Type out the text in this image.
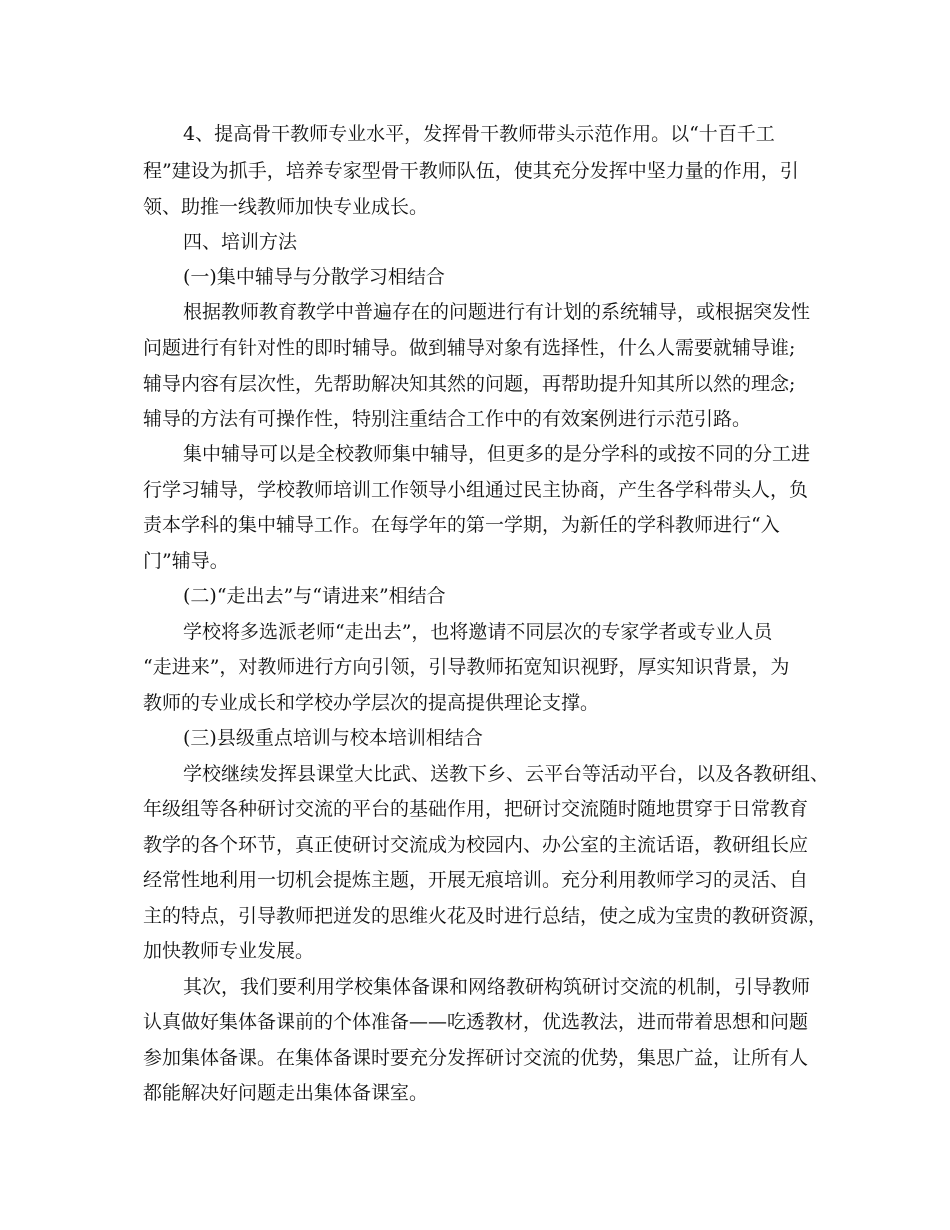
4、提高骨干教师专业水平，发挥骨干教师带头示范作用。以“十百千工
程”建设为抓手，培养专家型骨干教师队伍，使其充分发挥中坚力量的作用，引
领、助推一线教师加快专业成长。
四、培训方法
(一)集中辅导与分散学习相结合
根据教师教育教学中普遍存在的问题进行有计划的系统辅导，或根据突发性
问题进行有针对性的即时辅导。做到辅导对象有选择性，什么人需要就辅导谁;
辅导内容有层次性，先帮助解决知其然的问题，再帮助提升知其所以然的理念;
辅导的方法有可操作性，特别注重结合工作中的有效案例进行示范引路。
集中辅导可以是全校教师集中辅导，但更多的是分学科的或按不同的分工进
行学习辅导，学校教师培训工作领导小组通过民主协商，产生各学科带头人，负
责本学科的集中辅导工作。在每学年的第一学期，为新任的学科教师进行“入
门”辅导。
(二)“走出去”与“请进来”相结合
学校将多选派老师“走出去”，也将邀请不同层次的专家学者或专业人员
“走进来”，对教师进行方向引领，引导教师拓宽知识视野，厚实知识背景，为
教师的专业成长和学校办学层次的提高提供理论支撑。
(三)县级重点培训与校本培训相结合
学校继续发挥县课堂大比武、送教下乡、云平台等活动平台，以及各教研组、
年级组等各种研讨交流的平台的基础作用，把研讨交流随时随地贯穿于日常教育
教学的各个环节，真正使研讨交流成为校园内、办公室的主流话语，教研组长应
经常性地利用一切机会提炼主题，开展无痕培训。充分利用教师学习的灵活、自
主的特点，引导教师把迸发的思维火花及时进行总结，使之成为宝贵的教研资源，
加快教师专业发展。
其次，我们要利用学校集体备课和网络教研构筑研讨交流的机制，引导教师
认真做好集体备课前的个体准备——吃透教材，优选教法，进而带着思想和问题
参加集体备课。在集体备课时要充分发挥研讨交流的优势，集思广益，让所有人
都能解决好问题走出集体备课室。
